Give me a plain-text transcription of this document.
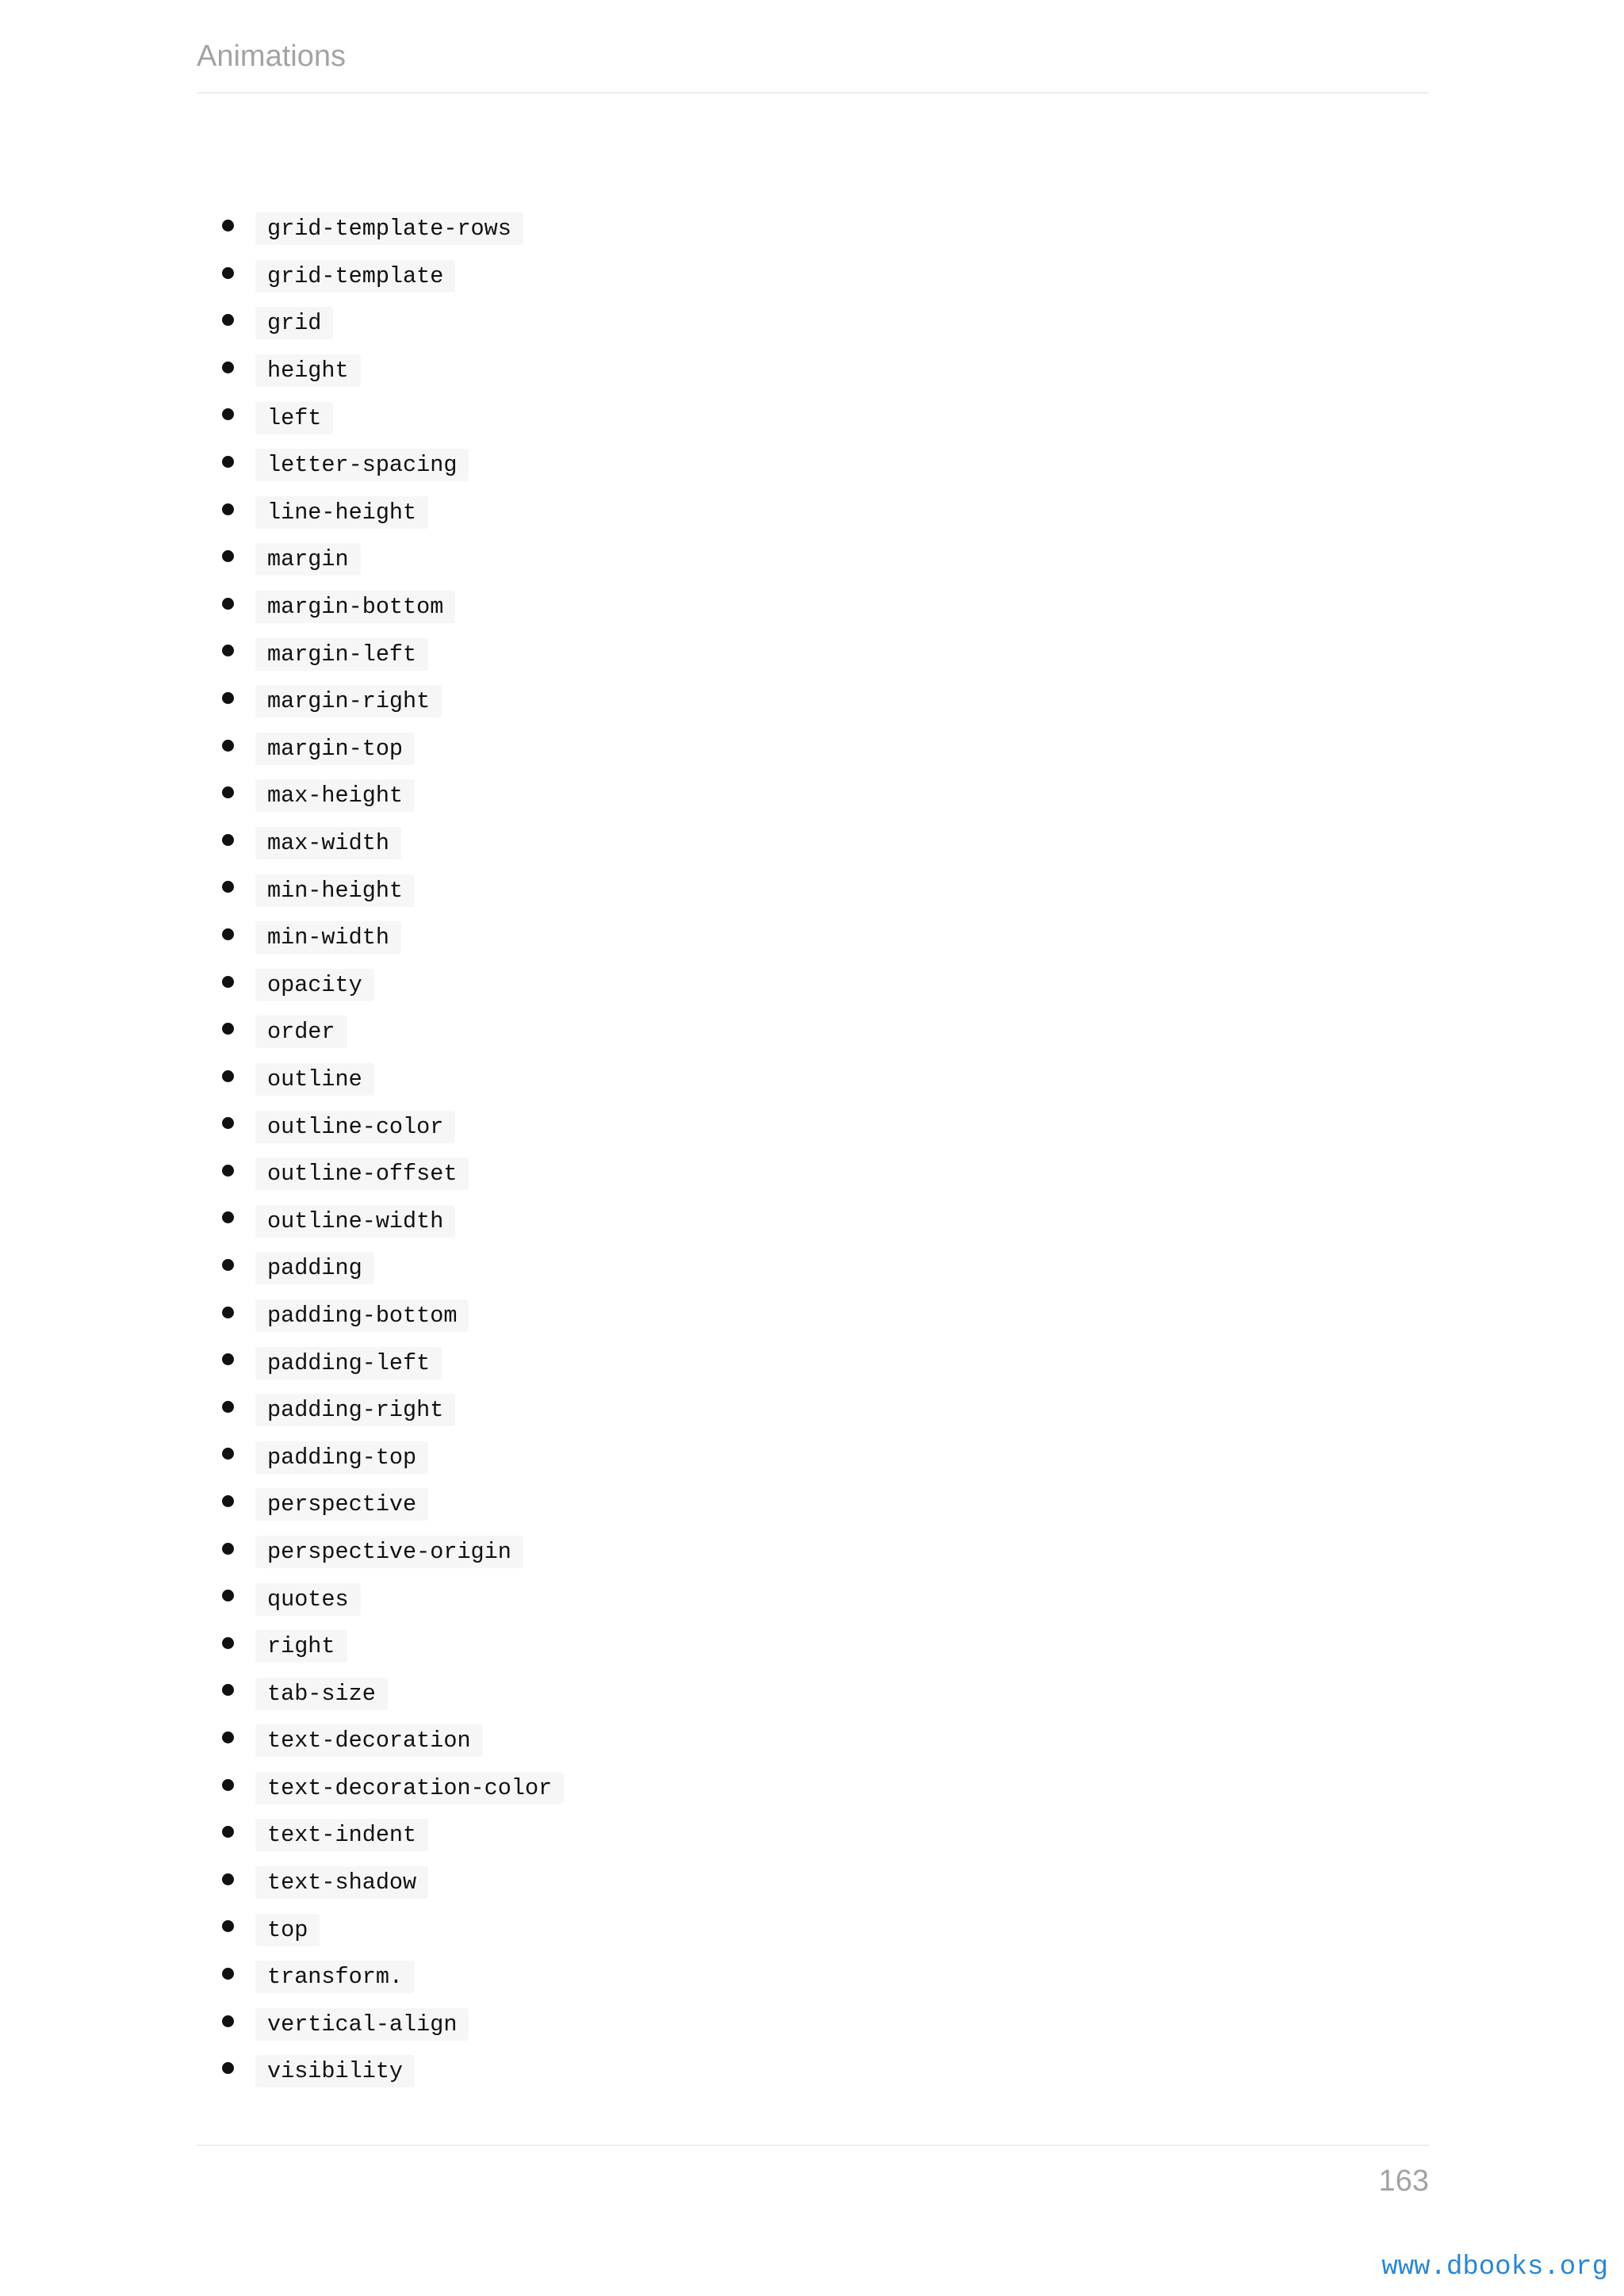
Animations
grid-template-rows
grid-template
grid
height
left
letter-spacing
line-height
margin
margin-bottom
margin-left
margin-right
margin-top
max-height
max-width
min-height
min-width
opacity
order
outline
outline-color
outline-offset
outline-width
padding
padding-bottom
padding-left
padding-right
padding-top
perspective
perspective-origin
quotes
right
tab-size
text-decoration
text-decoration-color
text-indent
text-shadow
top
transform.
vertical-align
visibility
163
www.dbooks.org
